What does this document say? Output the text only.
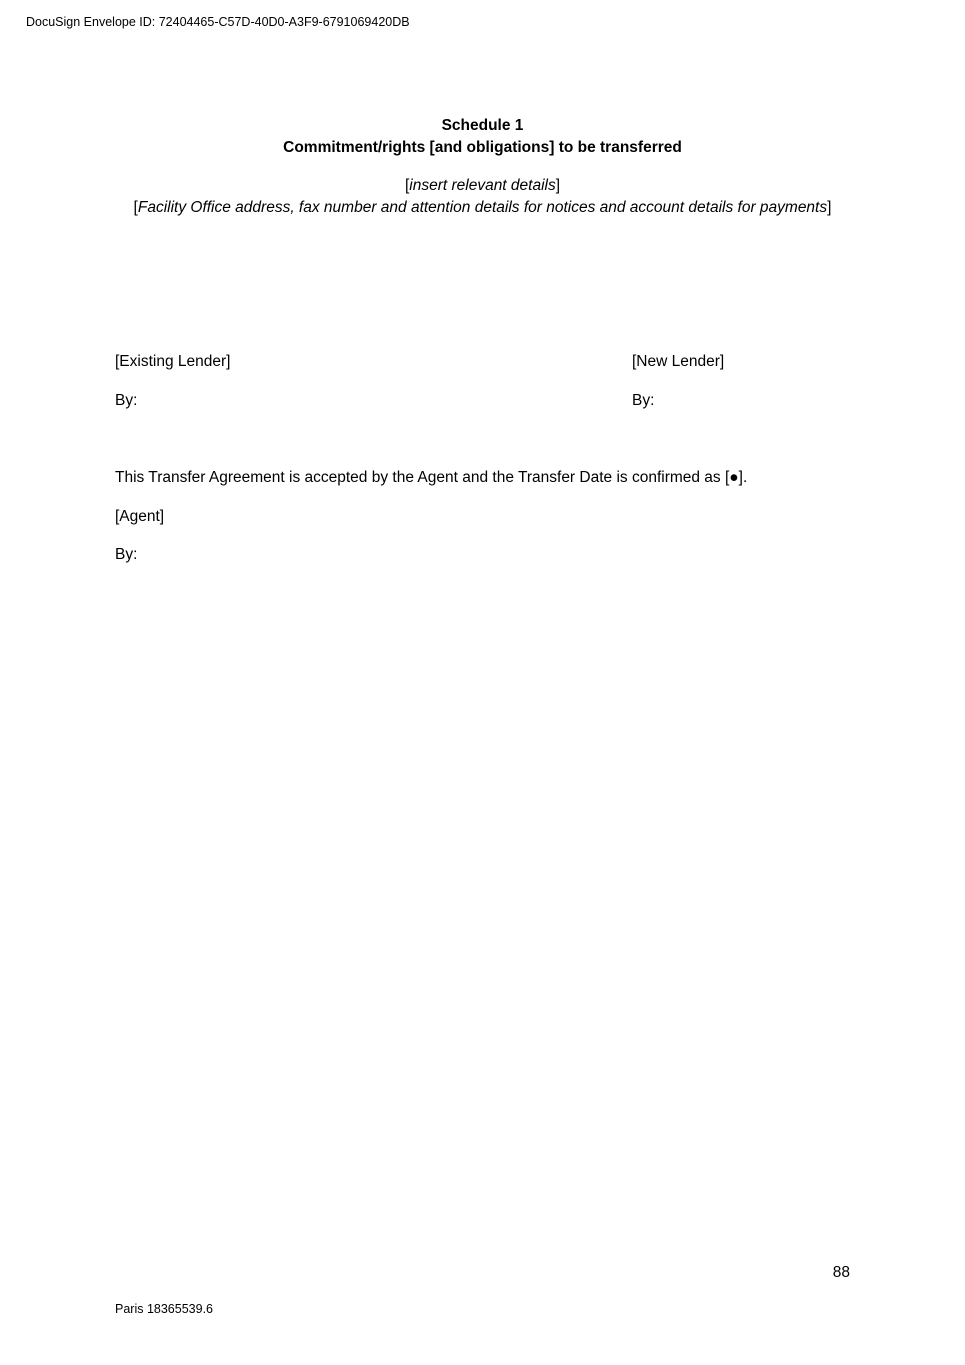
DocuSign Envelope ID: 72404465-C57D-40D0-A3F9-6791069420DB
Schedule 1
Commitment/rights [and obligations] to be transferred
[insert relevant details]
[Facility Office address, fax number and attention details for notices and account details for payments]
[Existing Lender]	[New Lender]
By:	By:
This Transfer Agreement is accepted by the Agent and the Transfer Date is confirmed as [●].
[Agent]
By:
88
Paris 18365539.6
